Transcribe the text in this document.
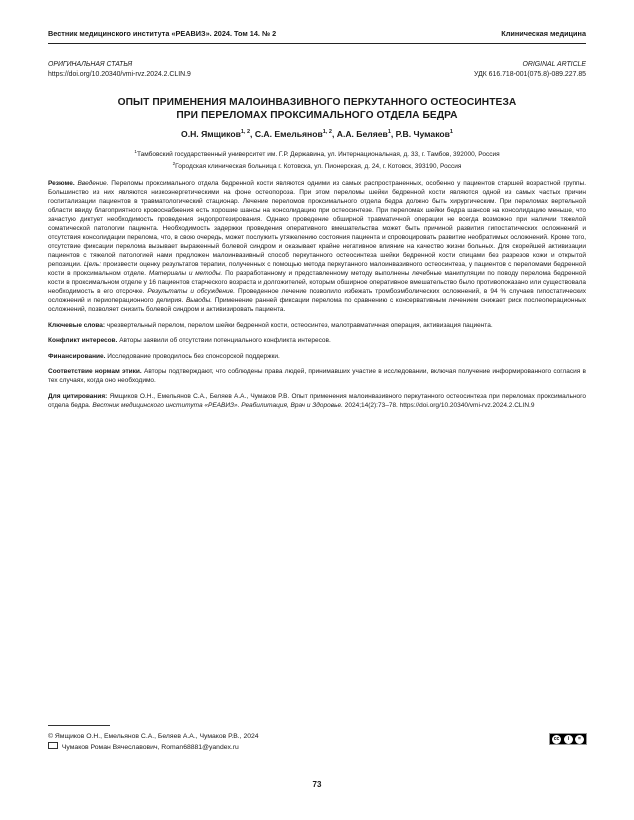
Вестник медицинского института «РЕАВИЗ». 2024. Том 14. № 2	Клиническая медицина
ОРИГИНАЛЬНАЯ СТАТЬЯ
https://doi.org/10.20340/vmi-rvz.2024.2.CLIN.9
ORIGINAL ARTICLE
УДК 616.718-001(075.8)-089.227.85
ОПЫТ ПРИМЕНЕНИЯ МАЛОИНВАЗИВНОГО ПЕРКУТАННОГО ОСТЕОСИНТЕЗА
ПРИ ПЕРЕЛОМАХ ПРОКСИМАЛЬНОГО ОТДЕЛА БЕДРА
О.Н. Ямщиков$^{1, 2}$, С.А. Емельянов$^{1, 2}$, А.А. Беляев$^1$, Р.В. Чумаков$^1$
$^1$Тамбовский государственный университет им. Г.Р. Державина, ул. Интернациональная, д. 33, г. Тамбов, 392000, Россия
$^2$Городская клиническая больница г. Котовска, ул. Пионерская, д. 24, г. Котовск, 393190, Россия

Резюме. Введение. Переломы проксимального отдела бедренной кости являются одними из самых распространенных, особенно у пациентов старшей возрастной группы. Большинство из них являются низкоэнергетическими на фоне остеопороза. При этом переломы шейки бедренной кости являются одной из самых частых причин госпитализации пациентов в травматологический стационар. Лечение переломов проксимального отдела бедра должно быть хирургическим. При переломах вертельной области ввиду благоприятного кровоснабжения есть хорошие шансы на консолидацию при остеосинтезе. При переломах шейки бедра шансов на консолидацию меньше, что зачастую диктует необходимость проведения эндопротезирования. Однако проведение обширной травматичной операции не всегда возможно при наличии тяжелой соматической патологии пациента. Необходимость задержки проведения оперативного вмешательства может быть причиной развития гипостатических осложнений и отсутствия консолидации перелома, что, в свою очередь, может послужить утяжелению состояния пациента и спровоцировать развитие необратимых осложнений. Кроме того, отсутствие фиксации перелома вызывает выраженный болевой синдром и оказывает крайне негативное влияние на качество жизни больных. Для скорейшей активизации пациентов с тяжелой патологией нами предложен малоинвазивный способ перкутанного остеосинтеза шейки бедренной кости спицами без разрезов кожи и открытой репозиции. Цель: произвести оценку результатов терапии, полученных с помощью метода перкутанного малоинвазивного остеосинтеза, у пациентов с переломами бедренной кости в проксимальном отделе. Материалы и методы. По разработанному и представленному методу выполнены лечебные манипуляции по поводу перелома бедренной кости в проксимальном отделе у 16 пациентов старческого возраста и долгожителей, которым обширное оперативное вмешательство было противопоказано или существовала необходимость в его отсрочке. Результаты и обсуждение. Проведенное лечение позволило избежать тромбоэмболических осложнений, в 94 % случаев гипостатических осложнений и периоперационного делирия. Выводы. Применение ранней фиксации перелома по сравнению с консервативным лечением снижает риск послеоперационных осложнений, позволяет снизить болевой синдром и активизировать пациента.

Ключевые слова: чрезвертельный перелом, перелом шейки бедренной кости, остеосинтез, малотравматичная операция, активизация пациента.

Конфликт интересов. Авторы заявили об отсутствии потенциального конфликта интересов.

Финансирование. Исследование проводилось без спонсорской поддержки.

Соответствие нормам этики. Авторы подтверждают, что соблюдены права людей, принимавших участие в исследовании, включая получение информированного согласия в тех случаях, когда оно необходимо.

Для цитирования: Ямщиков О.Н., Емельянов С.А., Беляев А.А., Чумаков Р.В. Опыт применения малоинвазивного перкутанного остеосинтеза при переломах проксимального отдела бедра. Вестник медицинского института «РЕАВИЗ». Реабилитация, Врач и Здоровье. 2024;14(2):73–78. https://doi.org/10.20340/vmi-rvz.2024.2.CLIN.9

© Ямщиков О.Н., Емельянов С.А., Беляев А.А., Чумаков Р.В., 2024
Чумаков Роман Вячеславович, Roman68881@yandex.ru
cc	i	=
73
